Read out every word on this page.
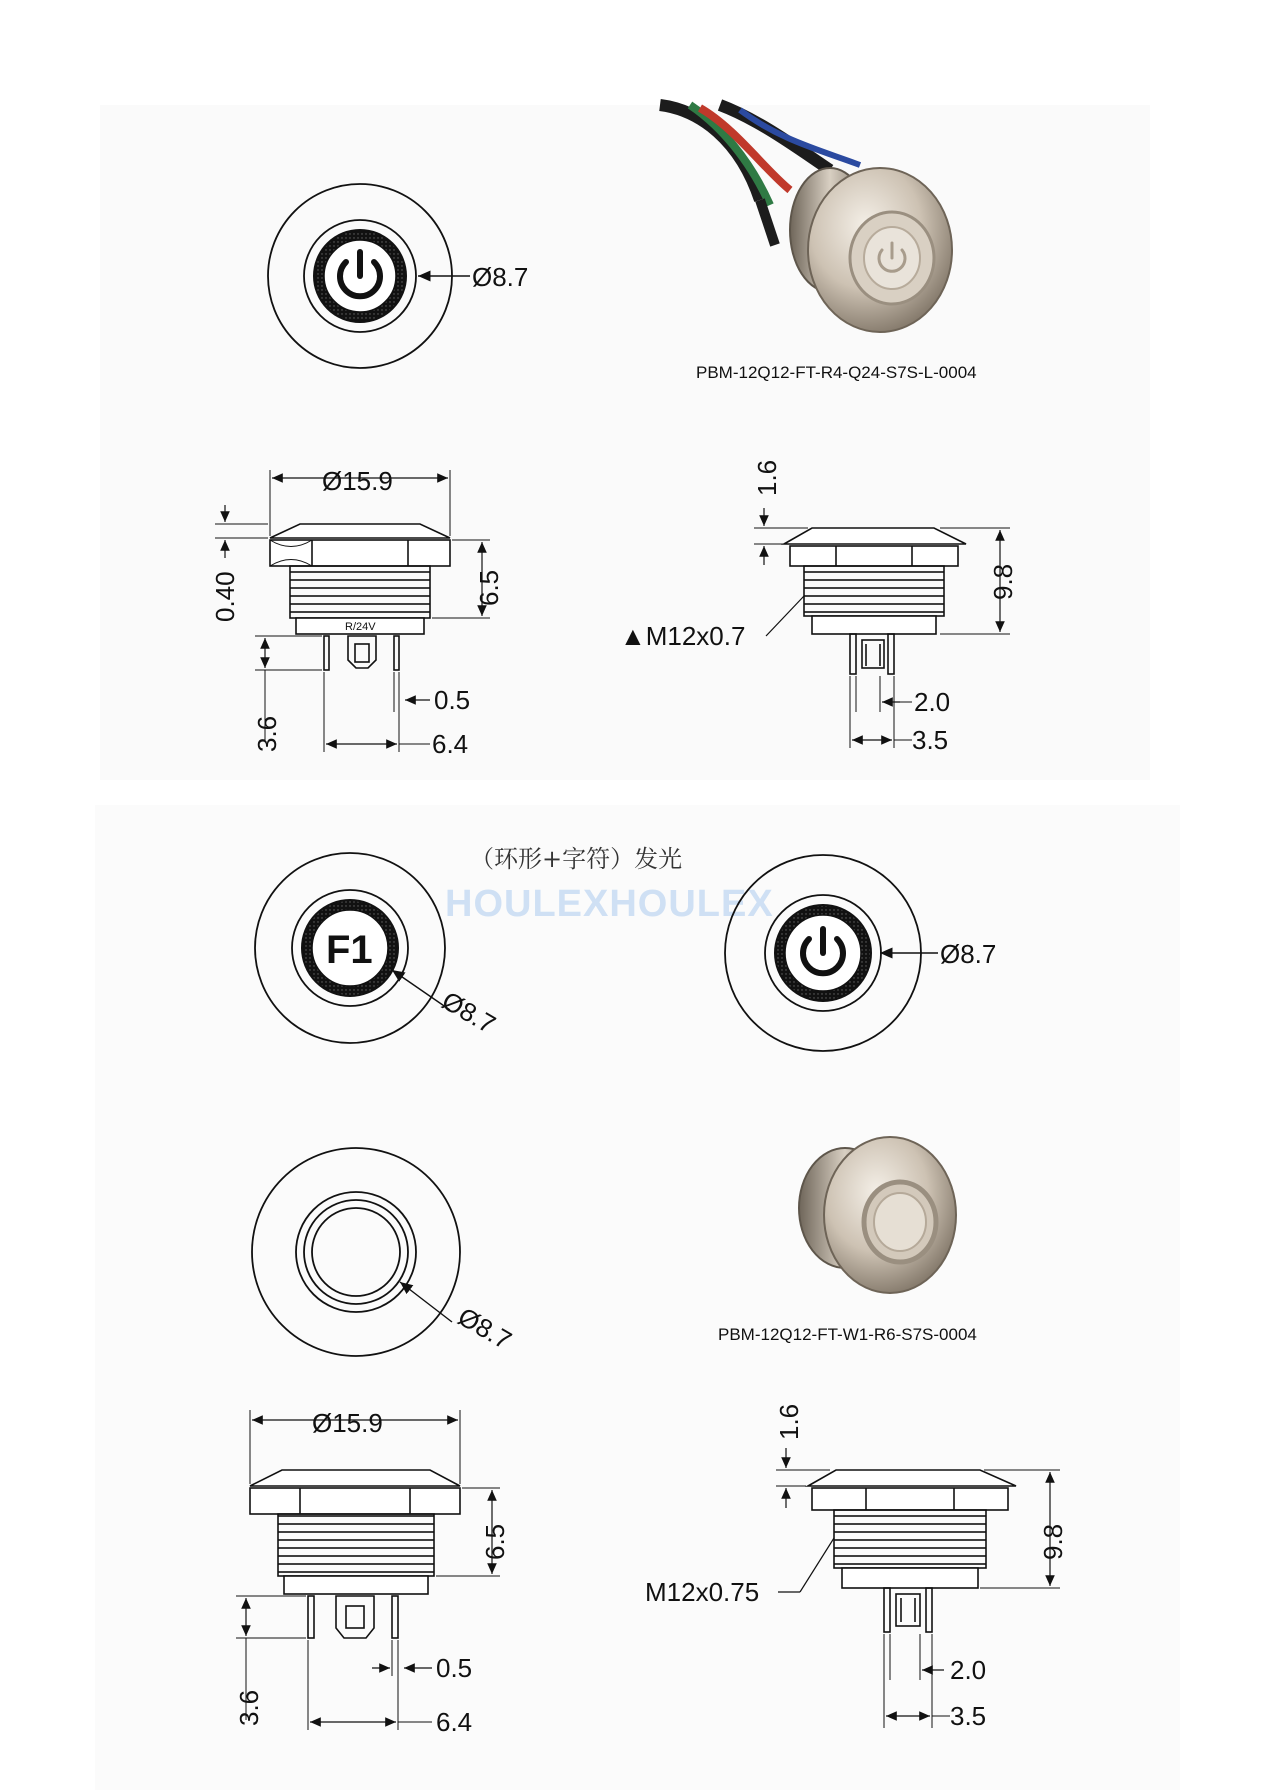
Ø8.7
PBM-12Q12-FT-R4-Q24-S7S-L-0004
Ø15.9
0.40	6.5
R/24V
3.6
0.5
6.4
1.6
9.8
▲M12x0.7
2.0
3.5
（环形+字符）发光
HOULEXHOULEX
F1
Ø8.7
Ø8.7
Ø8.7	PBM-12Q12-FT-W1-R6-S7S-0004
Ø15.9
6.5
3.6
0.5
6.4
1.6
9.8
M12x0.75
2.0
3.5
